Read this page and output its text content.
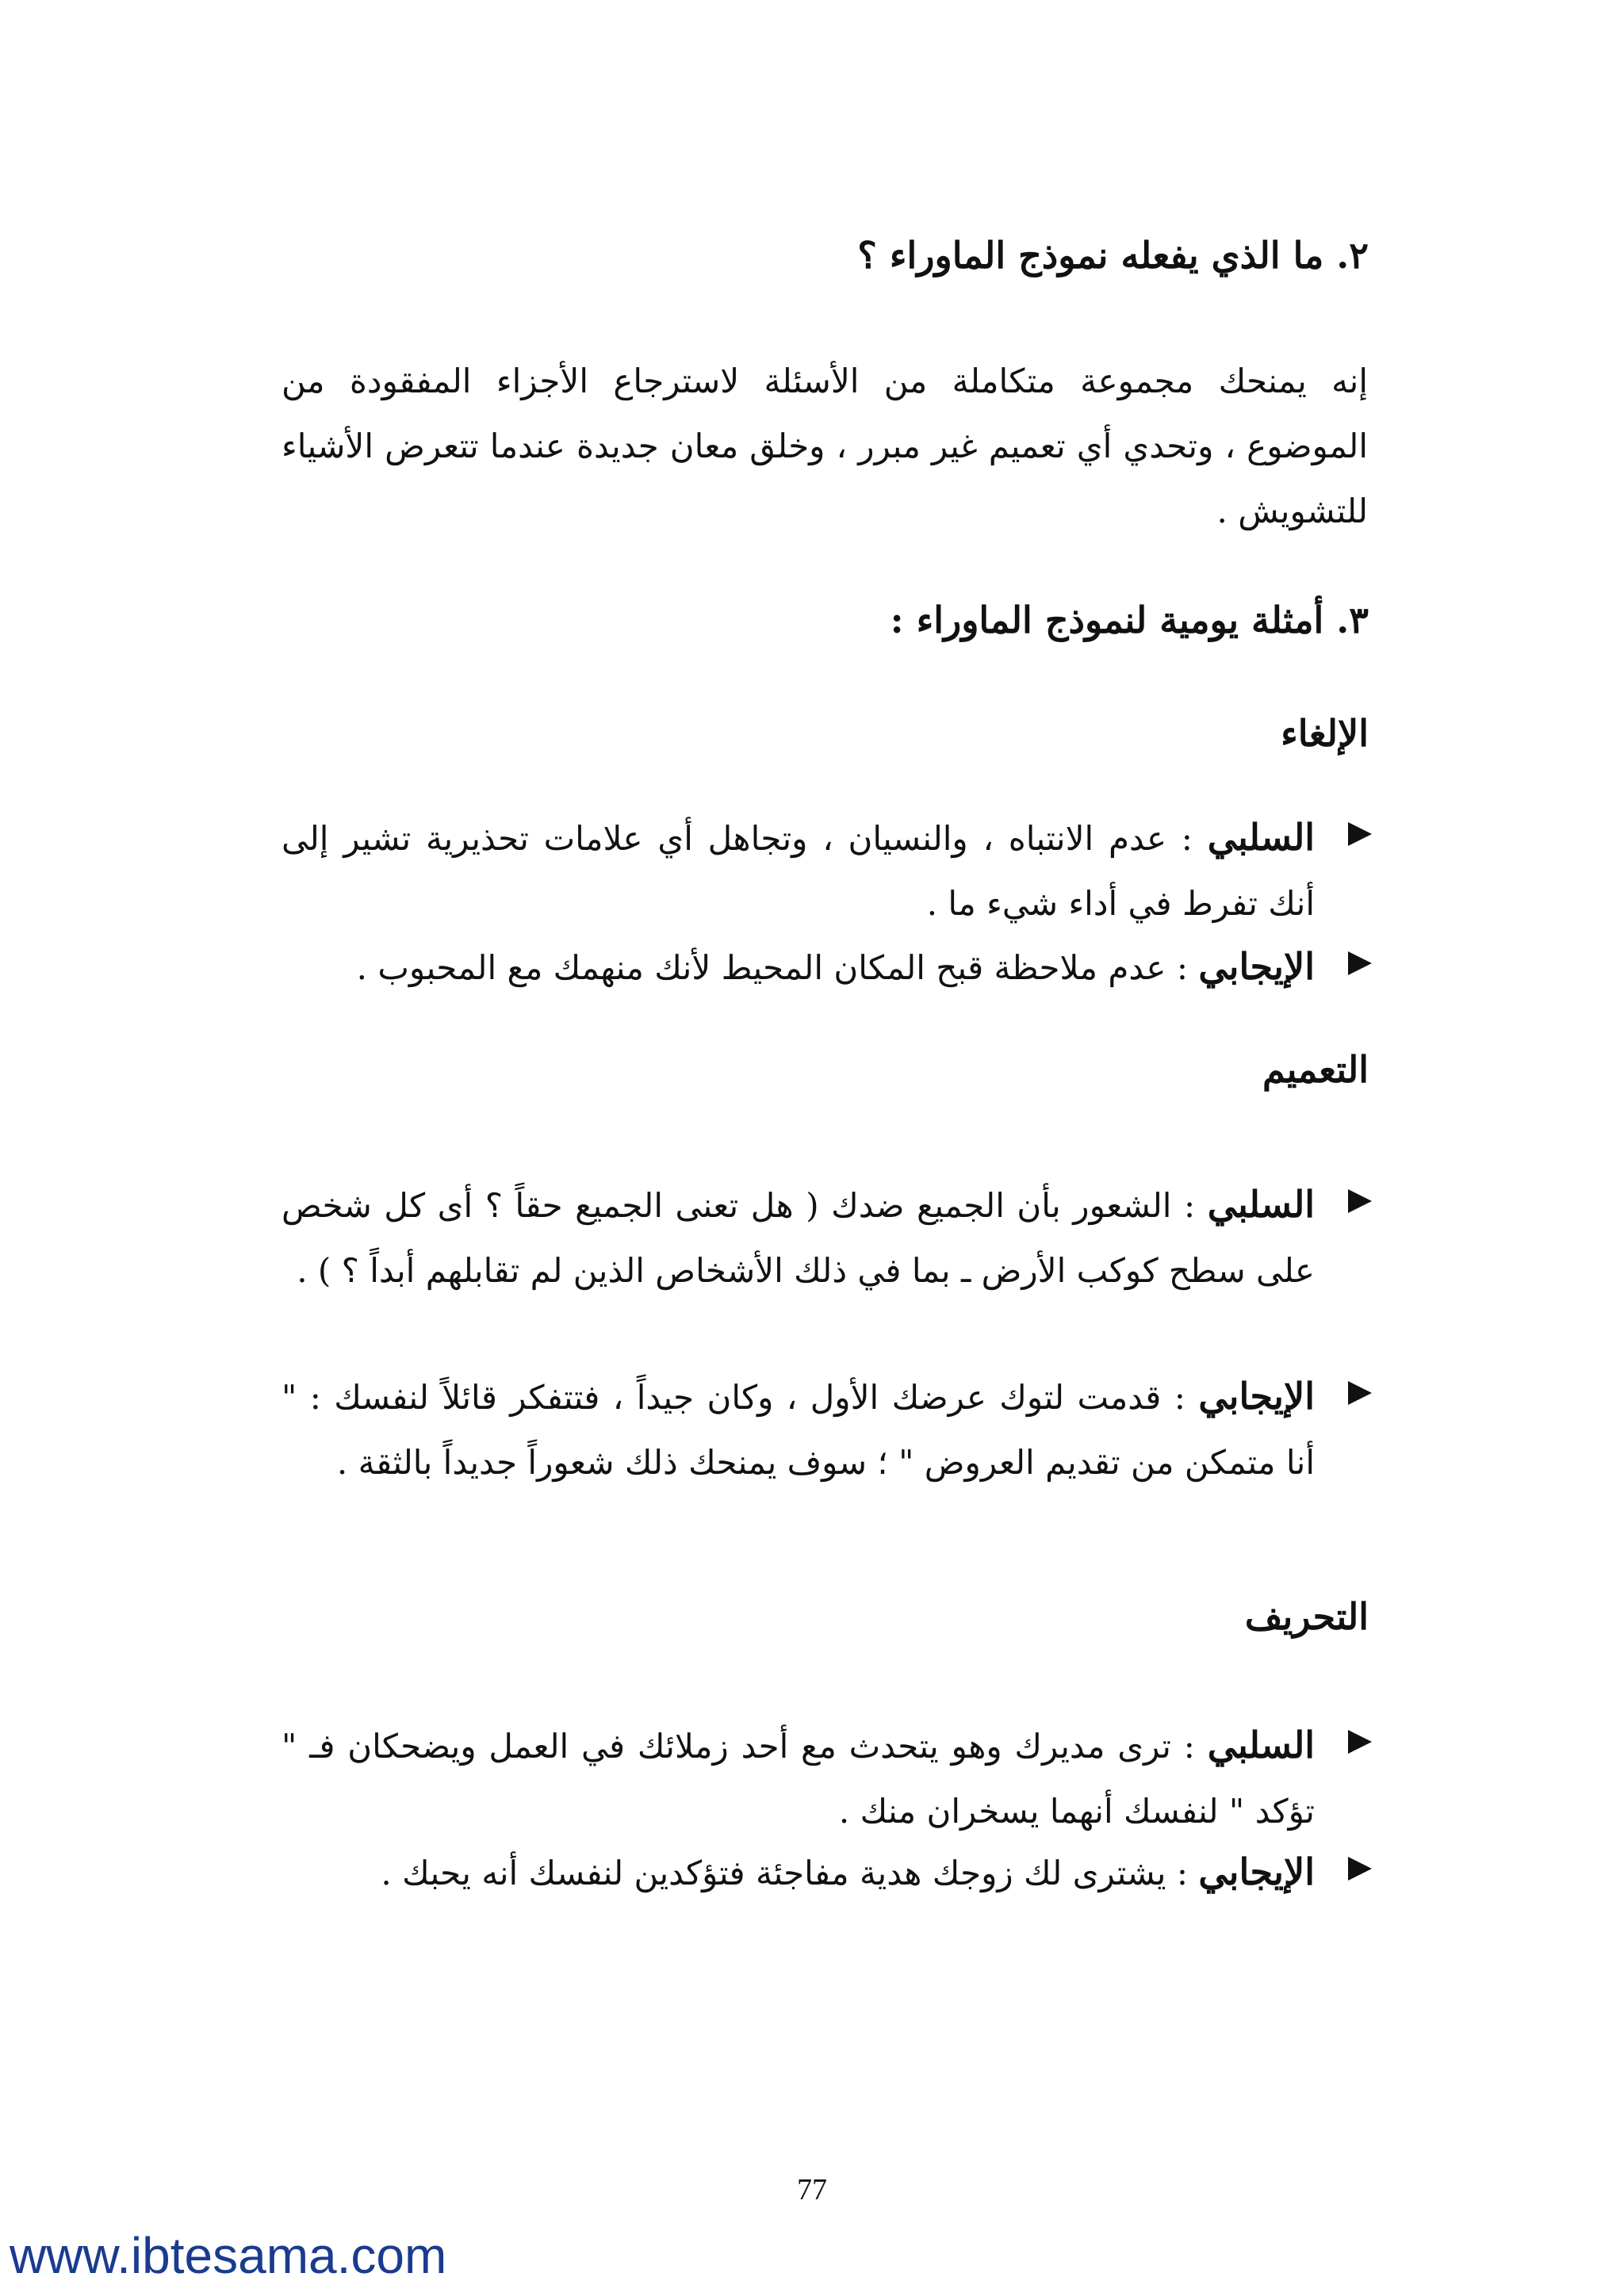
٢. ما الذي يفعله نموذج الماوراء ؟
إنه يمنحك مجموعة متكاملة من الأسئلة لاسترجاع الأجزاء المفقودة من الموضوع ، وتحدي أي تعميم غير مبرر ، وخلق معان جديدة عندما تتعرض الأشياء للتشويش .
٣. أمثلة يومية لنموذج الماوراء :
الإلغاء
السلبي : عدم الانتباه ، والنسيان ، وتجاهل أي علامات تحذيرية تشير إلى أنك تفرط في أداء شيء ما .
الإيجابي : عدم ملاحظة قبح المكان المحيط لأنك منهمك مع المحبوب .
التعميم
السلبي : الشعور بأن الجميع ضدك ( هل تعنى الجميع حقاً ؟ أى كل شخص على سطح كوكب الأرض ـ بما في ذلك الأشخاص الذين لم تقابلهم أبداً ؟ ) .
الإيجابي : قدمت لتوك عرضك الأول ، وكان جيداً ، فتتفكر قائلاً لنفسك : " أنا متمكن من تقديم العروض " ؛ سوف يمنحك ذلك شعوراً جديداً بالثقة .
التحريف
السلبي : ترى مديرك وهو يتحدث مع أحد زملائك في العمل ويضحكان فـ " تؤكد " لنفسك أنهما يسخران منك .
الإيجابي : يشترى لك زوجك هدية مفاجئة فتؤكدين لنفسك أنه يحبك .
77
www.ibtesama.com
